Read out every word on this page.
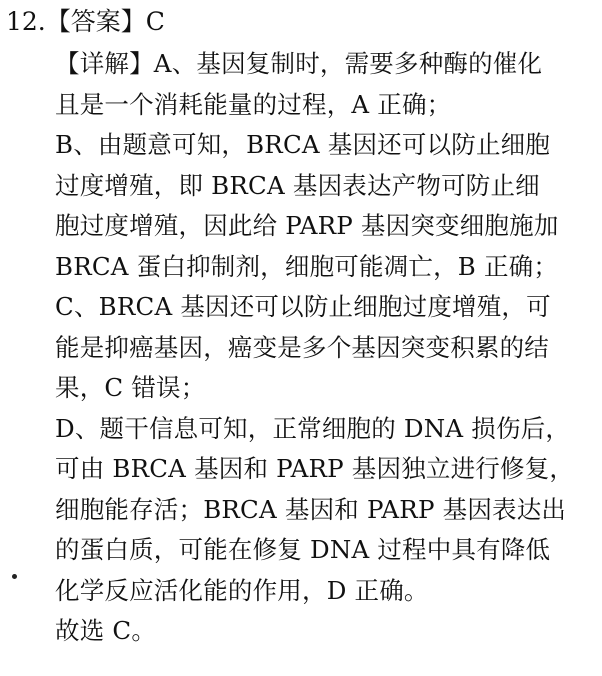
12.【答案】C
【详解】A、基因复制时，需要多种酶的催化
且是一个消耗能量的过程，A 正确；
B、由题意可知，BRCA 基因还可以防止细胞
过度增殖，即 BRCA 基因表达产物可防止细
胞过度增殖，因此给 PARP 基因突变细胞施加
BRCA 蛋白抑制剂，细胞可能凋亡，B 正确；
C、BRCA 基因还可以防止细胞过度增殖，可
能是抑癌基因，癌变是多个基因突变积累的结
果，C 错误；
D、题干信息可知，正常细胞的 DNA 损伤后，
可由 BRCA 基因和 PARP 基因独立进行修复，
细胞能存活；BRCA 基因和 PARP 基因表达出
的蛋白质，可能在修复 DNA 过程中具有降低
化学反应活化能的作用，D 正确。
故选 C。
